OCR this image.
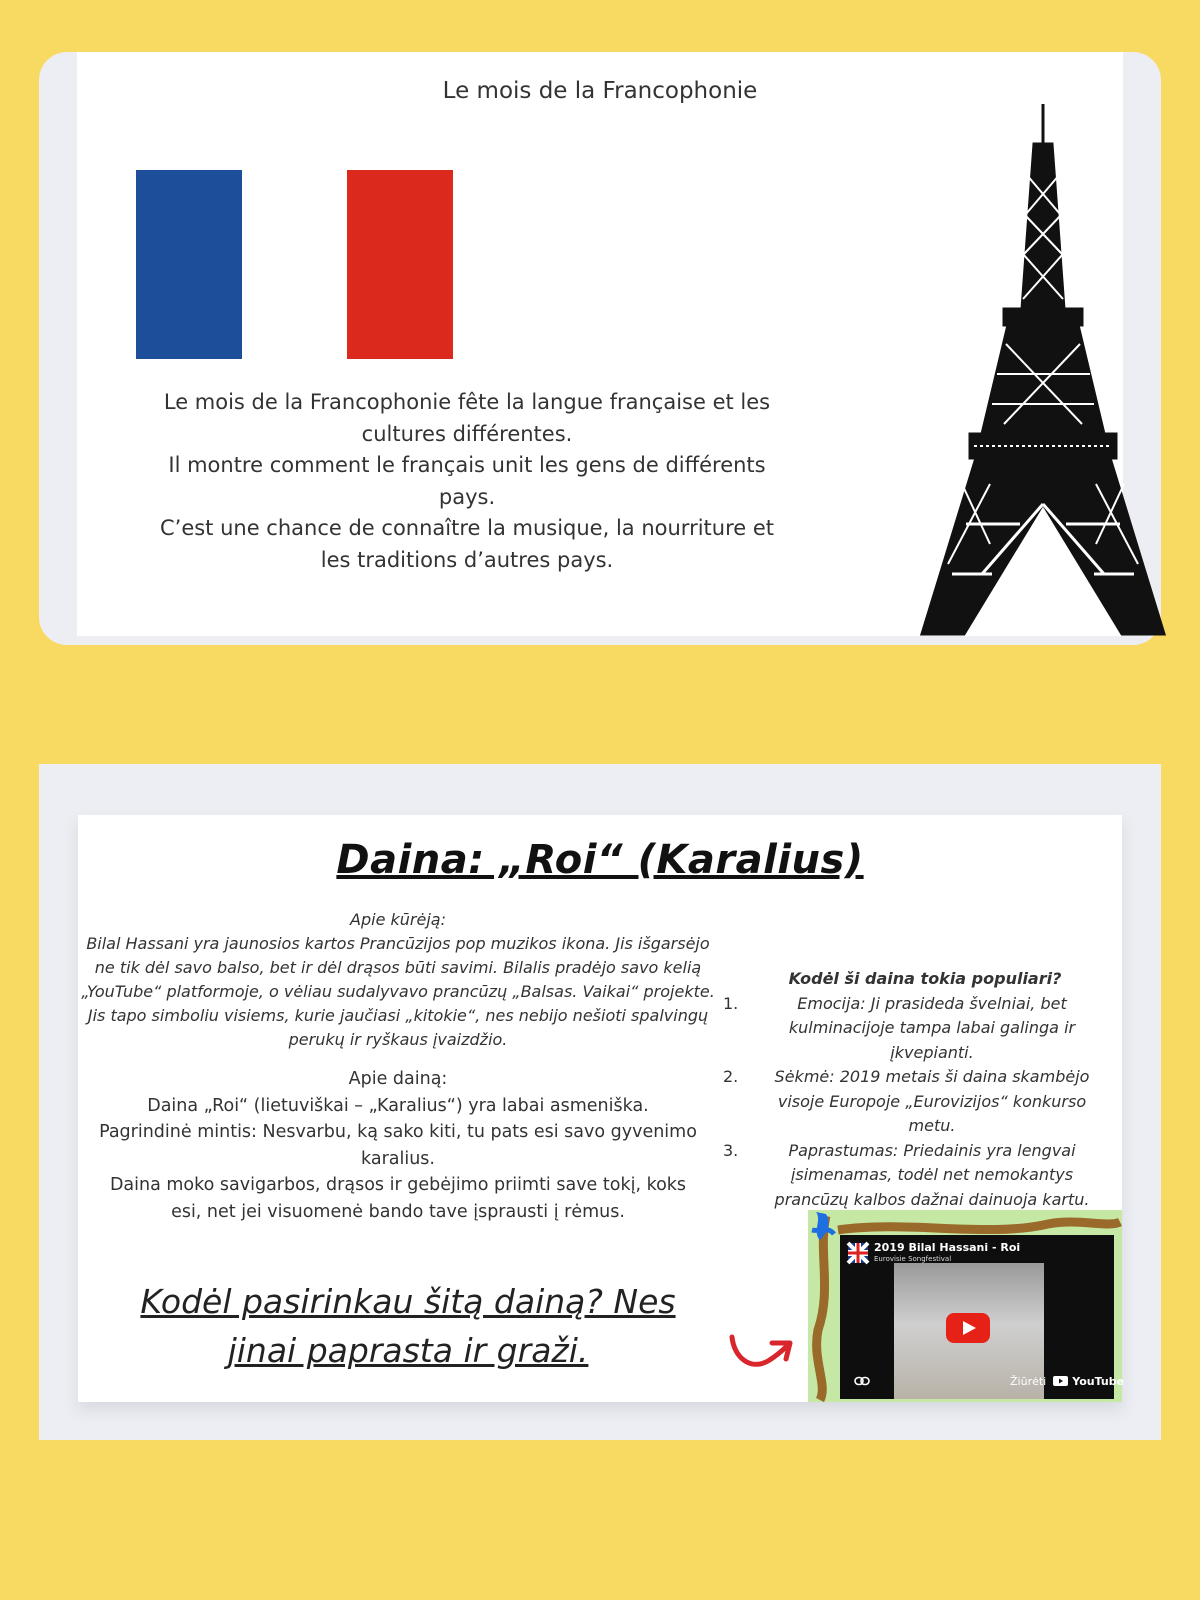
Le mois de la Francophonie
Le mois de la Francophonie fête la langue française et les cultures différentes.
Il montre comment le français unit les gens de différents pays.
C’est une chance de connaître la musique, la nourriture et les traditions d’autres pays.
Daina: „Roi“ (Karalius)
Apie kūrėją:
Bilal Hassani yra jaunosios kartos Prancūzijos pop muzikos ikona. Jis išgarsėjo ne tik dėl savo balso, bet ir dėl drąsos būti savimi. Bilalis pradėjo savo kelią „YouTube“ platformoje, o vėliau sudalyvavo prancūzų „Balsas. Vaikai“ projekte. Jis tapo simboliu visiems, kurie jaučiasi „kitokie“, nes nebijo nešioti spalvingų perukų ir ryškaus įvaizdžio.
Apie dainą:
Daina „Roi“ (lietuviškai – „Karalius“) yra labai asmeniška.
Pagrindinė mintis: Nesvarbu, ką sako kiti, tu pats esi savo gyvenimo karalius.
Daina moko savigarbos, drąsos ir gebėjimo priimti save tokį, koks esi, net jei visuomenė bando tave įsprausti į rėmus.
Kodėl pasirinkau šitą dainą? Nes jinai paprasta ir graži.
Kodėl ši daina tokia populiari?
1.	Emocija: Ji prasideda švelniai, bet kulminacijoje tampa labai galinga ir įkvepianti.
2. Sėkmė: 2019 metais ši daina skambėjo visoje Europoje „Eurovizijos“ konkurso metu.
3.	Paprastumas: Priedainis yra lengvai įsimenamas, todėl net nemokantys prancūzų kalbos dažnai dainuoja kartu.
2019 Bilal Hassani - Roi
Eurovisie Songfestival
Žiūrėti YouTube
